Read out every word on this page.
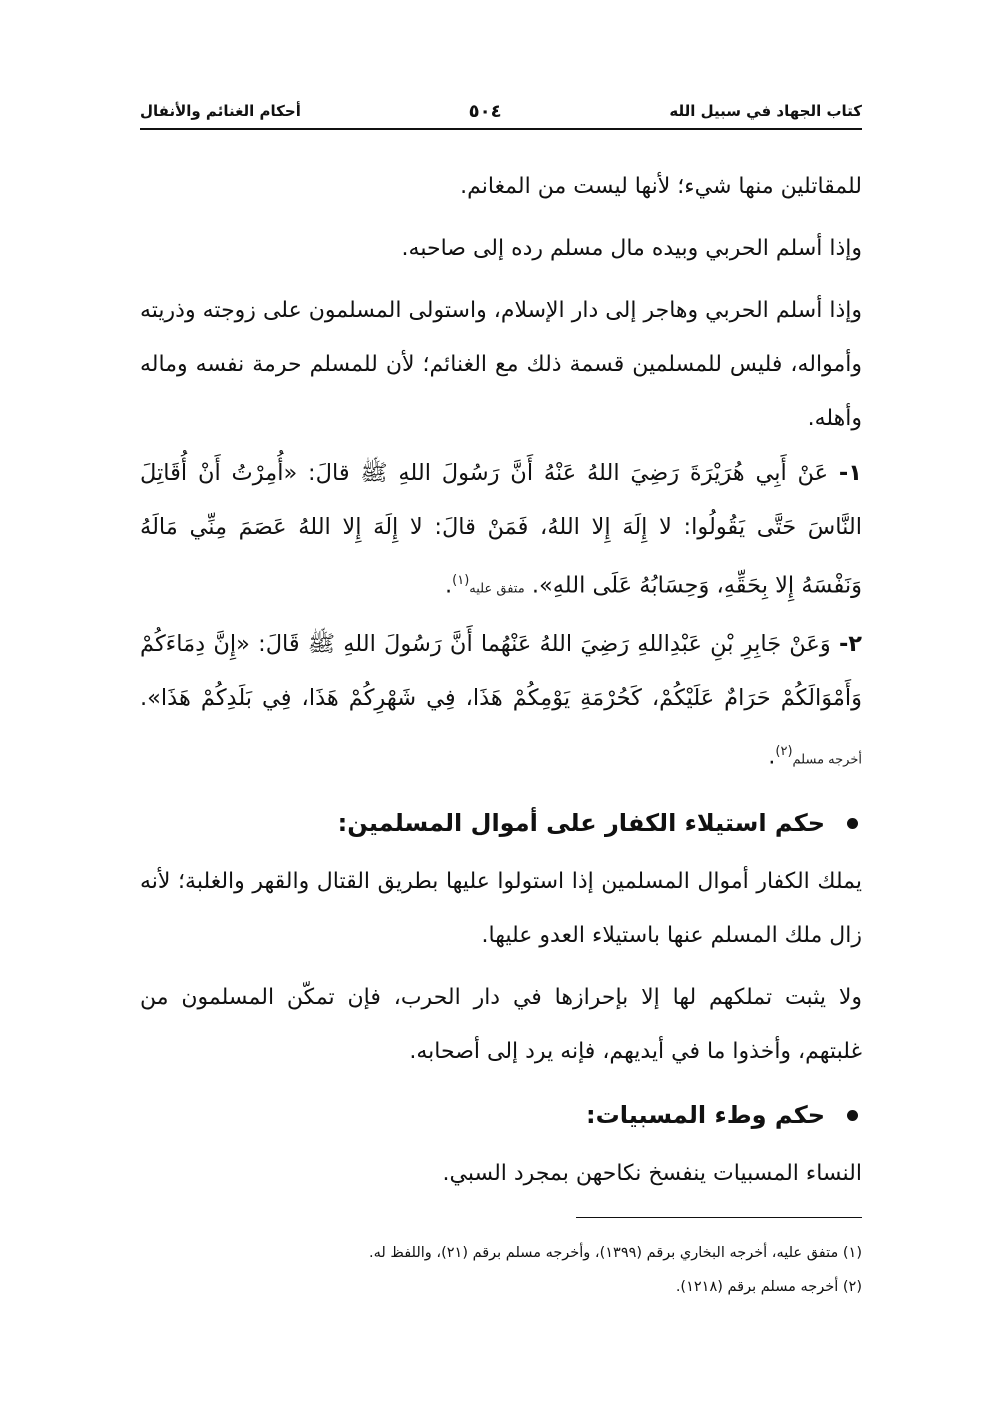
كتاب الجهاد في سبيل الله
٥٠٤
أحكام الغنائم والأنفال

للمقاتلين منها شيء؛ لأنها ليست من المغانم.

وإذا أسلم الحربي وبيده مال مسلم رده إلى صاحبه.

وإذا أسلم الحربي وهاجر إلى دار الإسلام، واستولى المسلمون على زوجته وذريته وأمواله، فليس للمسلمين قسمة ذلك مع الغنائم؛ لأن للمسلم حرمة نفسه وماله وأهله.

١- عَنْ أَبِي هُرَيْرَةَ رَضِيَ اللهُ عَنْهُ أَنَّ رَسُولَ اللهِ ﷺ قالَ: «أُمِرْتُ أَنْ أُقَاتِلَ النَّاسَ حَتَّى يَقُولُوا: لا إِلَهَ إِلا اللهُ، فَمَنْ قالَ: لا إِلَهَ إِلا اللهُ عَصَمَ مِنِّي مَالَهُ وَنَفْسَهُ إِلا بِحَقِّهِ، وَحِسَابُهُ عَلَى اللهِ». متفق عليه$^{(١)}$.

٢- وَعَنْ جَابِرِ بْنِ عَبْدِاللهِ رَضِيَ اللهُ عَنْهُما أَنَّ رَسُولَ اللهِ ﷺ قَالَ: «إِنَّ دِمَاءَكُمْ وَأَمْوَالَكُمْ حَرَامٌ عَلَيْكُمْ، كَحُرْمَةِ يَوْمِكُمْ هَذَا، فِي شَهْرِكُمْ هَذَا، فِي بَلَدِكُمْ هَذَا». أخرجه مسلم$^{(٢)}$.

حكم استيلاء الكفار على أموال المسلمين:

يملك الكفار أموال المسلمين إذا استولوا عليها بطريق القتال والقهر والغلبة؛ لأنه زال ملك المسلم عنها باستيلاء العدو عليها.

ولا يثبت تملكهم لها إلا بإحرازها في دار الحرب، فإن تمكّن المسلمون من غلبتهم، وأخذوا ما في أيديهم، فإنه يرد إلى أصحابه.

حكم وطء المسبيات:

النساء المسبيات ينفسخ نكاحهن بمجرد السبي.

(١) متفق عليه، أخرجه البخاري برقم (١٣٩٩)، وأخرجه مسلم برقم (٢١)، واللفظ له.
(٢) أخرجه مسلم برقم (١٢١٨).
